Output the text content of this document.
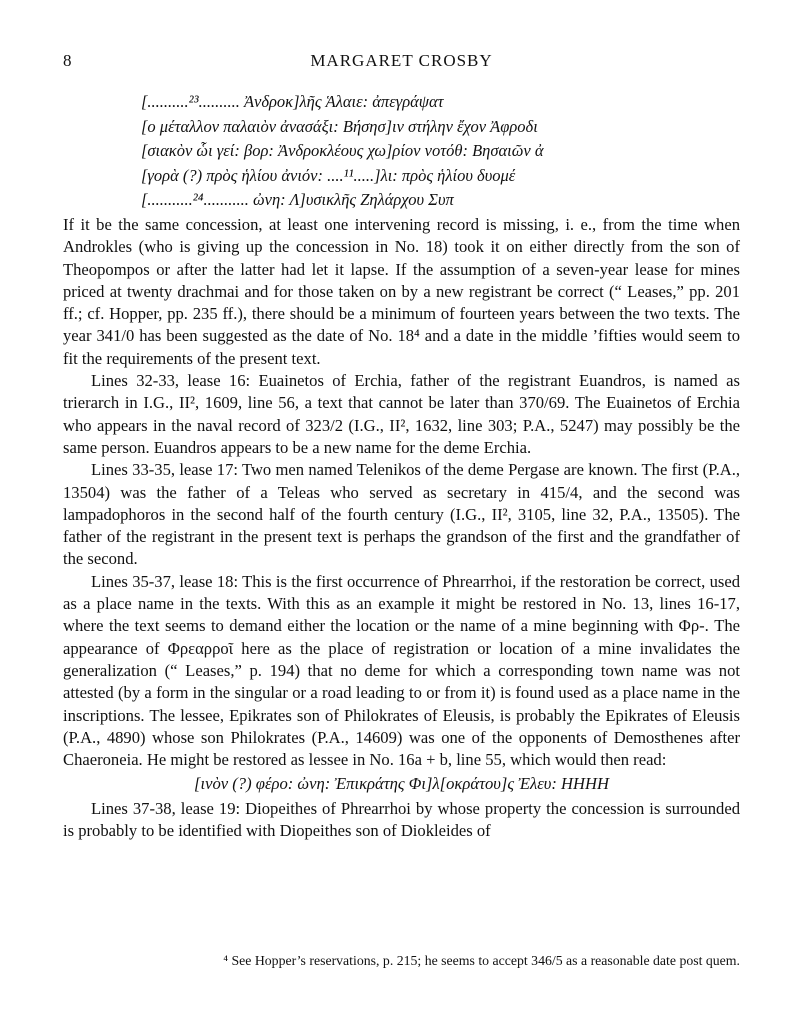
8	MARGARET CROSBY
[..........²³.......... Ἀνδροκ]λῆς Ἁλαιε: ἀπεγράψατ
[ο μέταλλον παλαιὸν ἀνασάξι: Βήσησ]ιν στήλην ἔχον Ἀφροδι
[σιακὸν ὧι γεί: βορ: Ἀνδροκλέους χω]ρίον νοτόθ: Βησαιῶν ἀ
[γορὰ (?) πρὸς ἡλίου ἀνιόν: ....¹¹.....]λι: πρὸς ἡλίου δυομέ
[...........²⁴........... ὠνη: Λ]υσικλῆς Ζηλάρχου Συπ

If it be the same concession, at least one intervening record is missing, i. e., from the time when Androkles (who is giving up the concession in No. 18) took it on either directly from the son of Theopompos or after the latter had let it lapse. If the assumption of a seven-year lease for mines priced at twenty drachmai and for those taken on by a new registrant be correct (“ Leases,” pp. 201 ff.; cf. Hopper, pp. 235 ff.), there should be a minimum of fourteen years between the two texts. The year 341/0 has been suggested as the date of No. 18⁴ and a date in the middle ’fifties would seem to fit the requirements of the present text.

Lines 32-33, lease 16: Euainetos of Erchia, father of the registrant Euandros, is named as trierarch in I.G., II², 1609, line 56, a text that cannot be later than 370/69. The Euainetos of Erchia who appears in the naval record of 323/2 (I.G., II², 1632, line 303; P.A., 5247) may possibly be the same person. Euandros appears to be a new name for the deme Erchia.

Lines 33-35, lease 17: Two men named Telenikos of the deme Pergase are known. The first (P.A., 13504) was the father of a Teleas who served as secretary in 415/4, and the second was lampadophoros in the second half of the fourth century (I.G., II², 3105, line 32, P.A., 13505). The father of the registrant in the present text is perhaps the grandson of the first and the grandfather of the second.

Lines 35-37, lease 18: This is the first occurrence of Phrearrhoi, if the restoration be correct, used as a place name in the texts. With this as an example it might be restored in No. 13, lines 16-17, where the text seems to demand either the location or the name of a mine beginning with Φρ-. The appearance of Φρεαρροῖ here as the place of registration or location of a mine invalidates the generalization (“ Leases,” p. 194) that no deme for which a corresponding town name was not attested (by a form in the singular or a road leading to or from it) is found used as a place name in the inscriptions. The lessee, Epikrates son of Philokrates of Eleusis, is probably the Epikrates of Eleusis (P.A., 4890) whose son Philokrates (P.A., 14609) was one of the opponents of Demosthenes after Chaeroneia. He might be restored as lessee in No. 16a + b, line 55, which would then read:

[ινὸν (?) φέρο: ὠνη: Ἐπικράτης Φι]λ[οκράτου]ς Ἐλευ: HHHH

Lines 37-38, lease 19: Diopeithes of Phrearrhoi by whose property the concession is surrounded is probably to be identified with Diopeithes son of Diokleides of

⁴ See Hopper’s reservations, p. 215; he seems to accept 346/5 as a reasonable date post quem.
